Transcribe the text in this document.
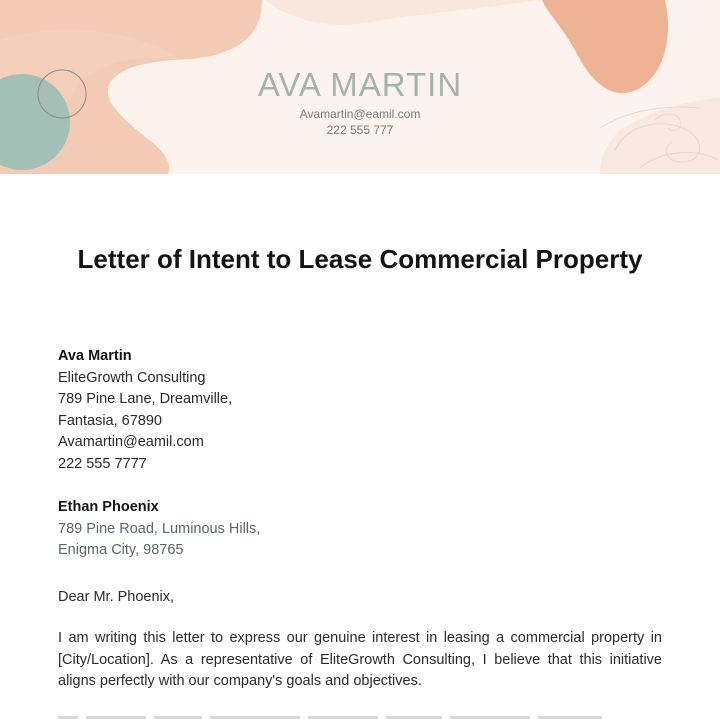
AVA MARTIN
Avamartin@eamil.com
222 555 777
Letter of Intent to Lease Commercial Property
Ava Martin
EliteGrowth Consulting
789 Pine Lane, Dreamville,
Fantasia, 67890
Avamartin@eamil.com
222 555 7777
Ethan Phoenix
789 Pine Road, Luminous Hills,
Enigma City, 98765
Dear Mr. Phoenix,
I am writing this letter to express our genuine interest in leasing a commercial property in [City/Location]. As a representative of EliteGrowth Consulting, I believe that this initiative aligns perfectly with our company's goals and objectives.
